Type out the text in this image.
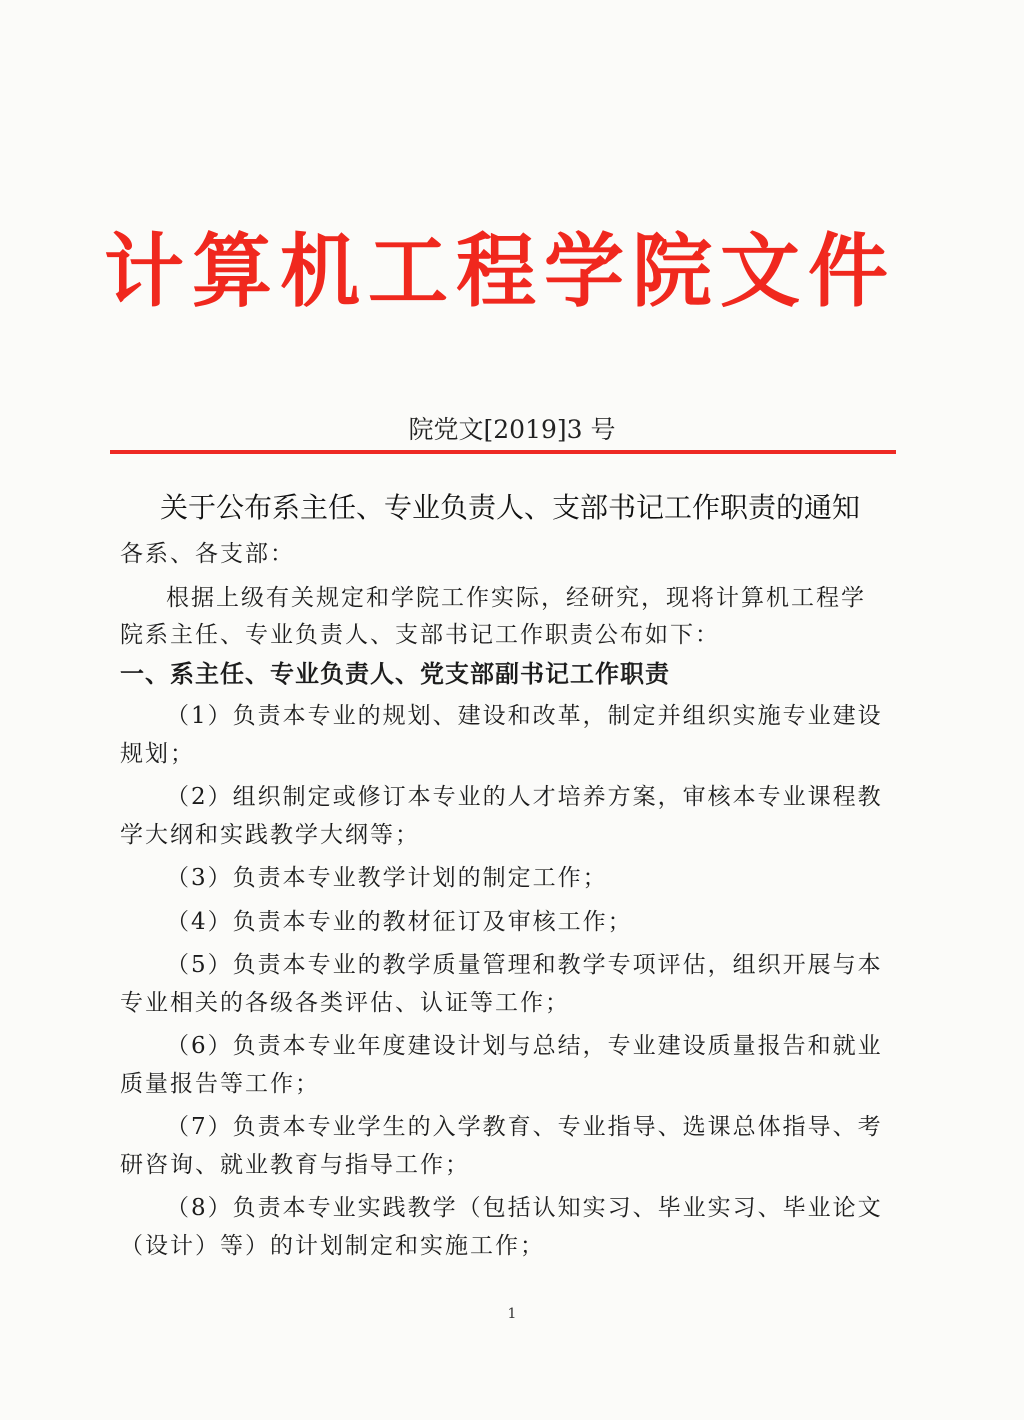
计算机工程学院文件
院党文[2019]3 号
关于公布系主任、专业负责人、支部书记工作职责的通知

各系、各支部：

根据上级有关规定和学院工作实际，经研究，现将计算机工程学院系主任、专业负责人、支部书记工作职责公布如下：

一、系主任、专业负责人、党支部副书记工作职责

（1）负责本专业的规划、建设和改革，制定并组织实施专业建设规划；

（2）组织制定或修订本专业的人才培养方案，审核本专业课程教学大纲和实践教学大纲等；

（3）负责本专业教学计划的制定工作；

（4）负责本专业的教材征订及审核工作；

（5）负责本专业的教学质量管理和教学专项评估，组织开展与本专业相关的各级各类评估、认证等工作；

（6）负责本专业年度建设计划与总结，专业建设质量报告和就业质量报告等工作；

（7）负责本专业学生的入学教育、专业指导、选课总体指导、考研咨询、就业教育与指导工作；

（8）负责本专业实践教学（包括认知实习、毕业实习、毕业论文（设计）等）的计划制定和实施工作；

1
